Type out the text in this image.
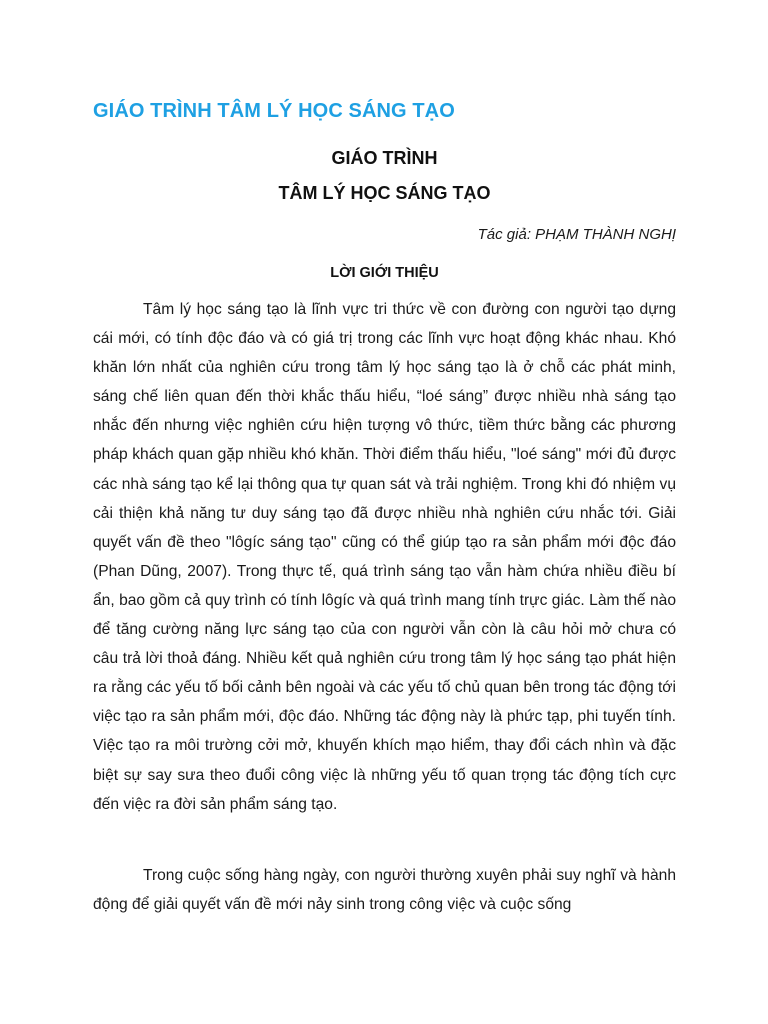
GIÁO TRÌNH TÂM LÝ HỌC SÁNG TẠO
GIÁO TRÌNH
TÂM LÝ HỌC SÁNG TẠO
Tác giả: PHẠM THÀNH NGHỊ
LỜI GIỚI THIỆU

Tâm lý học sáng tạo là lĩnh vực tri thức về con đường con người tạo dựng cái mới, có tính độc đáo và có giá trị trong các lĩnh vực hoạt động khác nhau. Khó khăn lớn nhất của nghiên cứu trong tâm lý học sáng tạo là ở chỗ các phát minh, sáng chế liên quan đến thời khắc thấu hiểu, “loé sáng” được nhiều nhà sáng tạo nhắc đến nhưng việc nghiên cứu hiện tượng vô thức, tiềm thức bằng các phương pháp khách quan gặp nhiều khó khăn. Thời điểm thấu hiểu, "loé sáng" mới đủ được các nhà sáng tạo kể lại thông qua tự quan sát và trải nghiệm. Trong khi đó nhiệm vụ cải thiện khả năng tư duy sáng tạo đã được nhiều nhà nghiên cứu nhắc tới. Giải quyết vấn đề theo "lôgíc sáng tạo" cũng có thể giúp tạo ra sản phẩm mới độc đáo (Phan Dũng, 2007). Trong thực tế, quá trình sáng tạo vẫn hàm chứa nhiều điều bí ẩn, bao gồm cả quy trình có tính lôgíc và quá trình mang tính trực giác. Làm thế nào để tăng cường năng lực sáng tạo của con người vẫn còn là câu hỏi mở chưa có câu trả lời thoả đáng. Nhiều kết quả nghiên cứu trong tâm lý học sáng tạo phát hiện ra rằng các yếu tố bối cảnh bên ngoài và các yếu tố chủ quan bên trong tác động tới việc tạo ra sản phẩm mới, độc đáo. Những tác động này là phức tạp, phi tuyến tính. Việc tạo ra môi trường cởi mở, khuyến khích mạo hiểm, thay đổi cách nhìn và đặc biệt sự say sưa theo đuổi công việc là những yếu tố quan trọng tác động tích cực đến việc ra đời sản phẩm sáng tạo.

Trong cuộc sống hàng ngày, con người thường xuyên phải suy nghĩ và hành động để giải quyết vấn đề mới nảy sinh trong công việc và cuộc sống
